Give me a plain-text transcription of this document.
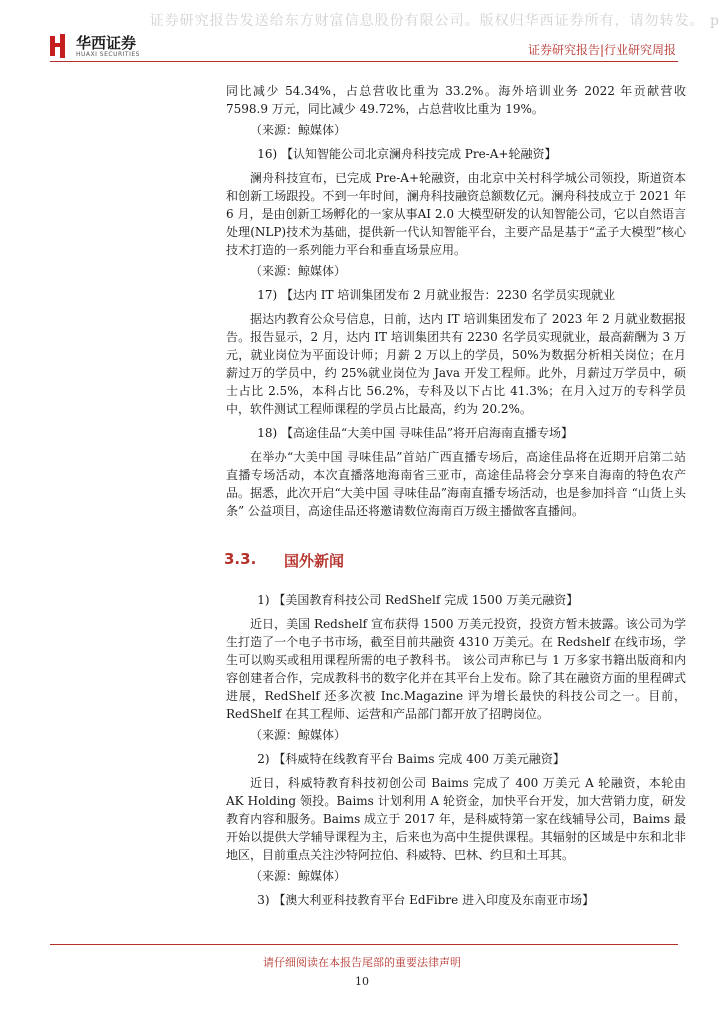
证券研究报告发送给东方财富信息股份有限公司。版权归华西证券所有，请勿转发。 p
华西证券
HUAXI SECURITIES	证券研究报告|行业研究周报

同比减少 54.34%，占总营收比重为 33.2%。海外培训业务 2022 年贡献营收 7598.9 万元，同比减少 49.72%，占总营收比重为 19%。

（来源：鲸媒体）

16) 【认知智能公司北京澜舟科技完成 Pre-A+轮融资】

澜舟科技宣布，已完成 Pre-A+轮融资，由北京中关村科学城公司领投，斯道资本和创新工场跟投。不到一年时间，澜舟科技融资总额数亿元。澜舟科技成立于 2021 年 6 月，是由创新工场孵化的一家从事AI 2.0 大模型研发的认知智能公司，它以自然语言处理(NLP)技术为基础，提供新一代认知智能平台，主要产品是基于“孟子大模型”核心技术打造的一系列能力平台和垂直场景应用。

（来源：鲸媒体）

17) 【达内 IT 培训集团发布 2 月就业报告：2230 名学员实现就业

据达内教育公众号信息，日前，达内 IT 培训集团发布了 2023 年 2 月就业数据报告。报告显示，2 月，达内 IT 培训集团共有 2230 名学员实现就业，最高薪酬为 3 万元，就业岗位为平面设计师；月薪 2 万以上的学员，50%为数据分析相关岗位；在月薪过万的学员中，约 25%就业岗位为 Java 开发工程师。此外，月薪过万学员中，硕士占比 2.5%，本科占比 56.2%，专科及以下占比 41.3%；在月入过万的专科学员中，软件测试工程师课程的学员占比最高，约为 20.2%。

18) 【高途佳品“大美中国 寻味佳品”将开启海南直播专场】

在举办“大美中国 寻味佳品”首站广西直播专场后，高途佳品将在近期开启第二站直播专场活动，本次直播落地海南省三亚市，高途佳品将会分享来自海南的特色农产品。据悉，此次开启“大美中国 寻味佳品”海南直播专场活动，也是参加抖音 “山货上头条” 公益项目，高途佳品还将邀请数位海南百万级主播做客直播间。

3.3.	国外新闻

1) 【美国教育科技公司 RedShelf 完成 1500 万美元融资】

近日，美国 Redshelf 宣布获得 1500 万美元投资，投资方暂未披露。该公司为学生打造了一个电子书市场，截至目前共融资 4310 万美元。在 Redshelf 在线市场，学生可以购买或租用课程所需的电子教科书。 该公司声称已与 1 万多家书籍出版商和内容创建者合作，完成教科书的数字化并在其平台上发布。除了其在融资方面的里程碑式进展，RedShelf 还多次被 Inc.Magazine 评为增长最快的科技公司之一。目前，RedShelf 在其工程师、运营和产品部门都开放了招聘岗位。

（来源：鲸媒体）

2) 【科威特在线教育平台 Baims 完成 400 万美元融资】

近日，科威特教育科技初创公司 Baims 完成了 400 万美元 A 轮融资，本轮由 AK Holding 领投。Baims 计划利用 A 轮资金，加快平台开发，加大营销力度，研发教育内容和服务。Baims 成立于 2017 年，是科威特第一家在线辅导公司，Baims 最开始以提供大学辅导课程为主，后来也为高中生提供课程。其辐射的区域是中东和北非地区，目前重点关注沙特阿拉伯、科威特、巴林、约旦和土耳其。

（来源：鲸媒体）

3) 【澳大利亚科技教育平台 EdFibre 进入印度及东南亚市场】

请仔细阅读在本报告尾部的重要法律声明
10
